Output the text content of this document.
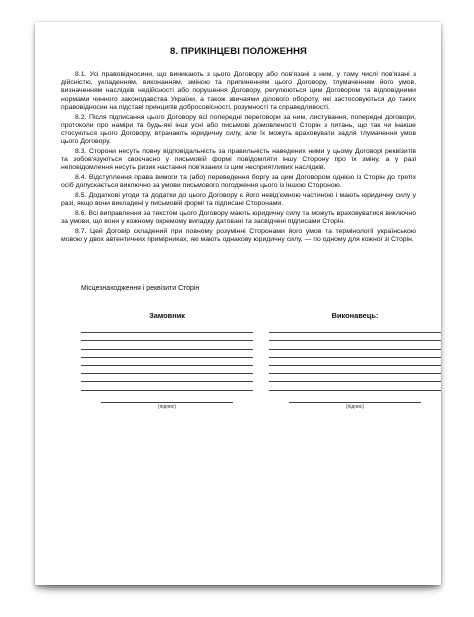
8. ПРИКІНЦЕВІ ПОЛОЖЕННЯ

8.1. Усі правовідносини, що виникають з цього Договору або пов'язані з ним, у тому числі пов'язані з дійсністю, укладенням, виконанням, зміною та припиненням цього Договору, тлумаченням його умов, визначенням наслідків недійсності або порушення Договору, регулюються цим Договором та відповідними нормами чинного законодавства України, а також звичаями ділового обороту, які застосовуються до таких правовідносин на підставі принципів добросовісності, розумності та справедливості.

8.2. Після підписання цього Договору всі попередні переговори за ним, листування, попередні договори, протоколи про наміри та будь-які інші усні або письмові домовленості Сторін з питань, що так чи інакше стосуються цього Договору, втрачають юридичну силу, але їх можуть враховувати задля тлумачення умов цього Договору.

8.3. Сторони несуть повну відповідальність за правильність наведених ними у цьому Договорі реквізитів та зобов'язуються своєчасно у письмовій формі повідомляти іншу Сторону про їх зміну, а у разі неповідомлення несуть ризик настання пов'язаних із цим несприятливих наслідків.

8.4. Відступлення права вимоги та (або) переведення боргу за цим Договором однією із Сторін до третіх осіб допускається виключно за умови письмового погодження цього із іншою Стороною.

8.5. Додаткові угоди та додатки до цього Договору є його невід'ємною частиною і мають юридичну силу у разі, якщо вони викладені у письмовій формі та підписані Сторонами.

8.6. Всі виправлення за текстом цього Договору мають юридичну силу та можуть враховуватися виключно за умови, що вони у кожному окремому випадку датовані та засвідчені підписами Сторін.

8.7. Цей Договір складений при повному розумінні Сторонами його умов та термінології українською мовою у двох автентичних примірниках, які мають однакову юридичну силу, — по одному для кожної зі Сторін.

Місцезнаходження і реквізити Сторін
Замовник
(підпис)
Виконавець:
(підпис)
